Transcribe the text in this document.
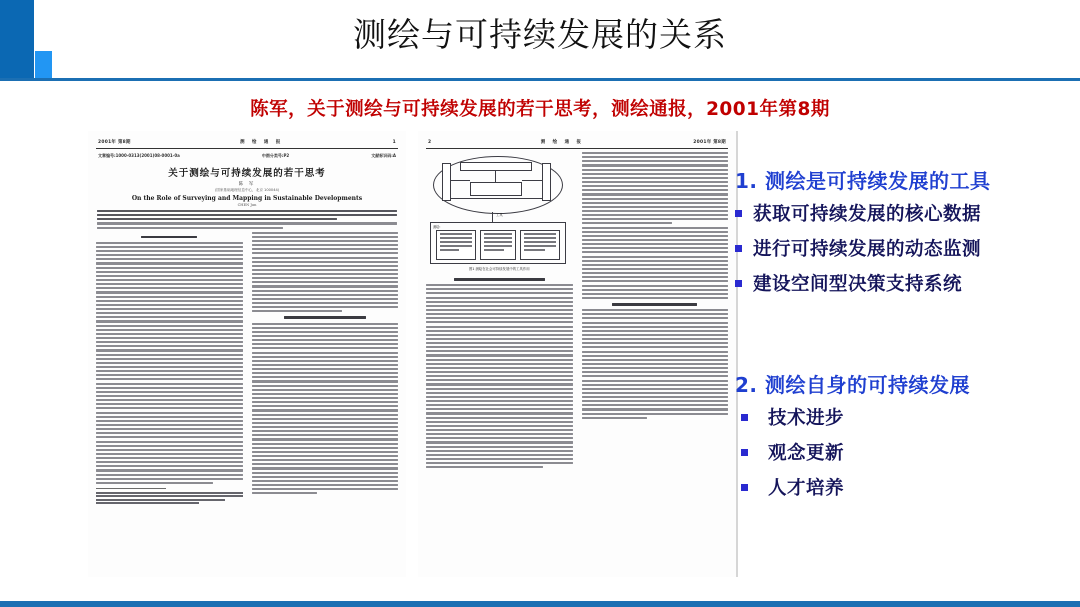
测绘与可持续发展的关系
陈军，关于测绘与可持续发展的若干思考，测绘通报，2001年第8期
2001年 第8期	测 绘 通 报	1
文章编号:1000-0313(2001)08-0001-0a	中图分类号:P2	文献标识码:A
关于测绘与可持续发展的若干思考
陈 军
(国家基础地理信息中心，北京 100044)
On the Role of Surveying and Mapping in Sustainable Developments
CHEN Jun
2	测 绘 通 报	2001年 第8期
工具
测绘:
图1 测绘在社会可持续发展中的工具作用
1. 测绘是可持续发展的工具
获取可持续发展的核心数据
进行可持续发展的动态监测
建设空间型决策支持系统
2. 测绘自身的可持续发展
技术进步
观念更新
人才培养
